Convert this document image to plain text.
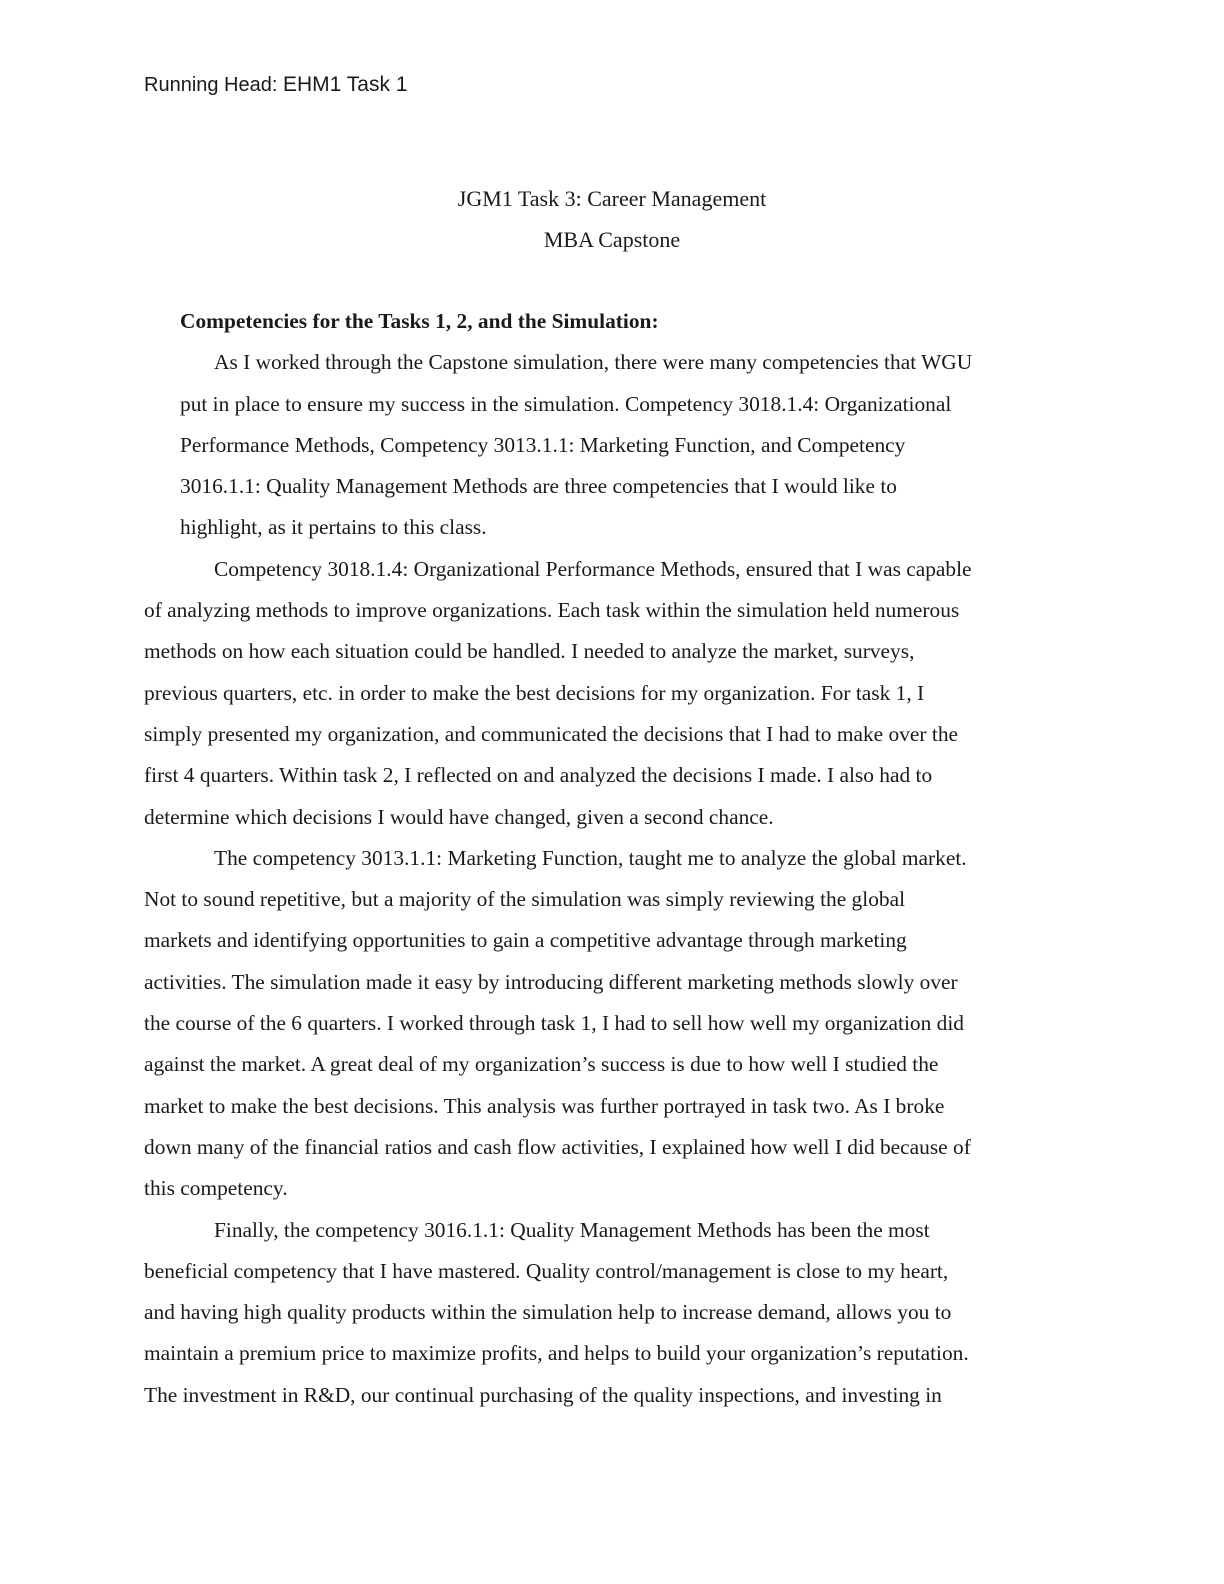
Running Head: EHM1 Task 1
JGM1 Task 3: Career Management
MBA Capstone

Competencies for the Tasks 1, 2, and the Simulation:

As I worked through the Capstone simulation, there were many competencies that WGU

put in place to ensure my success in the simulation. Competency 3018.1.4: Organizational

Performance Methods, Competency 3013.1.1: Marketing Function, and Competency

3016.1.1: Quality Management Methods are three competencies that I would like to

highlight, as it pertains to this class.

Competency 3018.1.4: Organizational Performance Methods, ensured that I was capable

of analyzing methods to improve organizations. Each task within the simulation held numerous

methods on how each situation could be handled. I needed to analyze the market, surveys,

previous quarters, etc. in order to make the best decisions for my organization. For task 1, I

simply presented my organization, and communicated the decisions that I had to make over the

first 4 quarters. Within task 2, I reflected on and analyzed the decisions I made. I also had to

determine which decisions I would have changed, given a second chance.

The competency 3013.1.1: Marketing Function, taught me to analyze the global market.

Not to sound repetitive, but a majority of the simulation was simply reviewing the global

markets and identifying opportunities to gain a competitive advantage through marketing

activities. The simulation made it easy by introducing different marketing methods slowly over

the course of the 6 quarters. I worked through task 1, I had to sell how well my organization did

against the market. A great deal of my organization’s success is due to how well I studied the

market to make the best decisions. This analysis was further portrayed in task two. As I broke

down many of the financial ratios and cash flow activities, I explained how well I did because of

this competency.

Finally, the competency 3016.1.1: Quality Management Methods has been the most

beneficial competency that I have mastered. Quality control/management is close to my heart,

and having high quality products within the simulation help to increase demand, allows you to

maintain a premium price to maximize profits, and helps to build your organization’s reputation.

The investment in R&D, our continual purchasing of the quality inspections, and investing in
